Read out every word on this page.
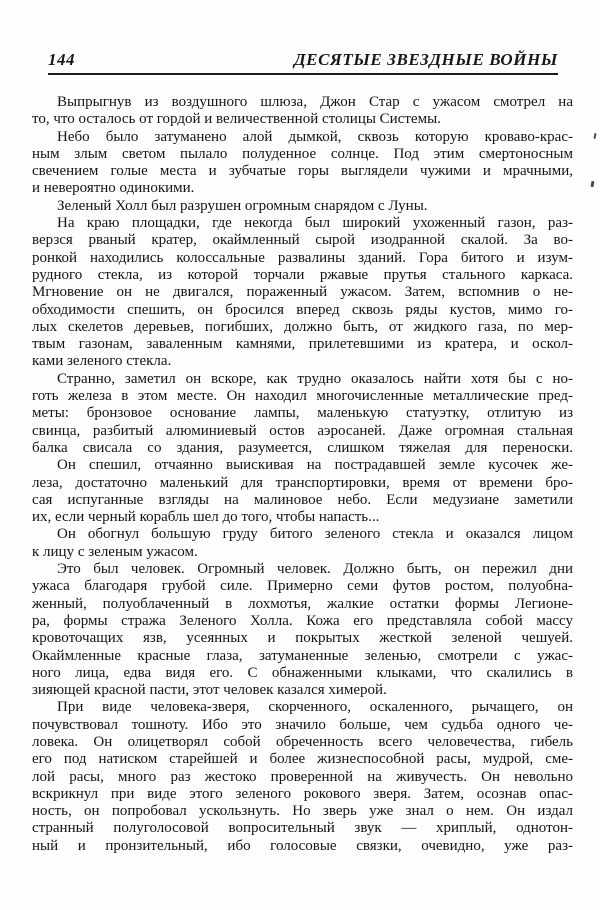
144	ДЕСЯТЫЕ ЗВЕЗДНЫЕ ВОЙНЫ

Выпрыгнув из воздушного шлюза, Джон Стар с ужасом смотрел на
то, что осталось от гордой и величественной столицы Системы.

Небо было затуманено алой дымкой, сквозь которую кроваво-крас-
ным злым светом пылало полуденное солнце. Под этим смертоносным
свечением голые места и зубчатые горы выглядели чужими и мрачными,
и невероятно одинокими.

Зеленый Холл был разрушен огромным снарядом с Луны.

На краю площадки, где некогда был широкий ухоженный газон, раз-
верзся рваный кратер, окаймленный сырой изодранной скалой. За во-
ронкой находились колоссальные развалины зданий. Гора битого и изум-
рудного стекла, из которой торчали ржавые прутья стального каркаса.
Мгновение он не двигался, пораженный ужасом. Затем, вспомнив о не-
обходимости спешить, он бросился вперед сквозь ряды кустов, мимо го-
лых скелетов деревьев, погибших, должно быть, от жидкого газа, по мер-
твым газонам, заваленным камнями, прилетевшими из кратера, и оскол-
ками зеленого стекла.

Странно, заметил он вскоре, как трудно оказалось найти хотя бы с но-
готь железа в этом месте. Он находил многочисленные металлические пред-
меты: бронзовое основание лампы, маленькую статуэтку, отлитую из
свинца, разбитый алюминиевый остов аэросаней. Даже огромная стальная
балка свисала со здания, разумеется, слишком тяжелая для переноски.

Он спешил, отчаянно выискивая на пострадавшей земле кусочек же-
леза, достаточно маленький для транспортировки, время от времени бро-
сая испуганные взгляды на малиновое небо. Если медузиане заметили
их, если черный корабль шел до того, чтобы напасть...

Он обогнул большую груду битого зеленого стекла и оказался лицом
к лицу с зеленым ужасом.

Это был человек. Огромный человек. Должно быть, он пережил дни
ужаса благодаря грубой силе. Примерно семи футов ростом, полуобна-
женный, полуоблаченный в лохмотья, жалкие остатки формы Легионе-
ра, формы стража Зеленого Холла. Кожа его представляла собой массу
кровоточащих язв, усеянных и покрытых жесткой зеленой чешуей.
Окаймленные красные глаза, затуманенные зеленью, смотрели с ужас-
ного лица, едва видя его. С обнаженными клыками, что скалились в
зияющей красной пасти, этот человек казался химерой.

При виде человека-зверя, скорченного, оскаленного, рычащего, он
почувствовал тошноту. Ибо это значило больше, чем судьба одного че-
ловека. Он олицетворял собой обреченность всего человечества, гибель
его под натиском старейшей и более жизнеспособной расы, мудрой, сме-
лой расы, много раз жестоко проверенной на живучесть. Он невольно
вскрикнул при виде этого зеленого рокового зверя. Затем, осознав опас-
ность, он попробовал ускользнуть. Но зверь уже знал о нем. Он издал
странный полуголосовой вопросительный звук — хриплый, однотон-
ный и пронзительный, ибо голосовые связки, очевидно, уже раз-
